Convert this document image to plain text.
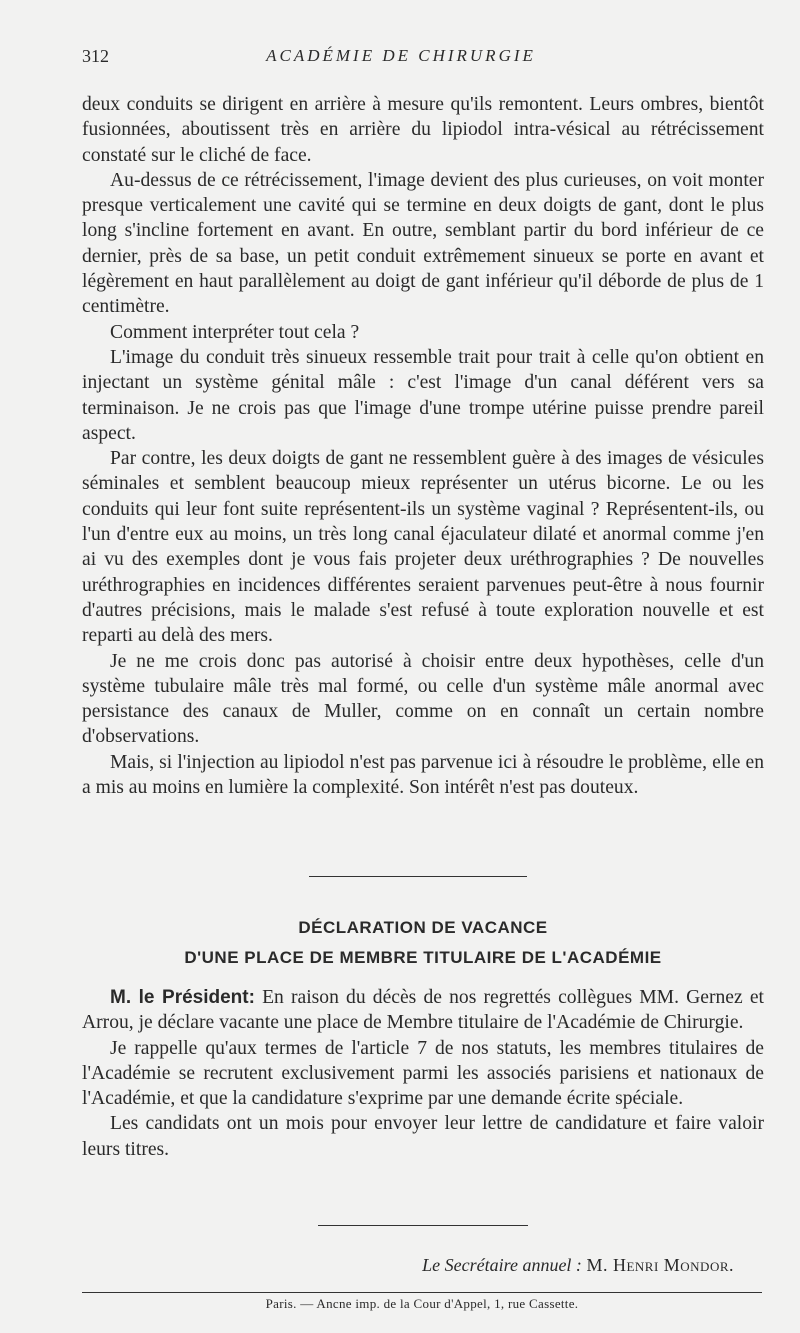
312	ACADÉMIE DE CHIRURGIE

deux conduits se dirigent en arrière à mesure qu'ils remontent. Leurs ombres, bientôt fusionnées, aboutissent très en arrière du lipiodol intra-vésical au rétrécissement constaté sur le cliché de face.

Au-dessus de ce rétrécissement, l'image devient des plus curieuses, on voit monter presque verticalement une cavité qui se termine en deux doigts de gant, dont le plus long s'incline fortement en avant. En outre, semblant partir du bord inférieur de ce dernier, près de sa base, un petit conduit extrêmement sinueux se porte en avant et légèrement en haut parallèlement au doigt de gant inférieur qu'il déborde de plus de 1 centimètre.

Comment interpréter tout cela ?

L'image du conduit très sinueux ressemble trait pour trait à celle qu'on obtient en injectant un système génital mâle : c'est l'image d'un canal déférent vers sa terminaison. Je ne crois pas que l'image d'une trompe utérine puisse prendre pareil aspect.

Par contre, les deux doigts de gant ne ressemblent guère à des images de vésicules séminales et semblent beaucoup mieux représenter un utérus bicorne. Le ou les conduits qui leur font suite représentent-ils un système vaginal ? Représentent-ils, ou l'un d'entre eux au moins, un très long canal éjaculateur dilaté et anormal comme j'en ai vu des exemples dont je vous fais projeter deux uréthrographies ? De nouvelles uréthrographies en incidences différentes seraient parvenues peut-être à nous fournir d'autres précisions, mais le malade s'est refusé à toute exploration nouvelle et est reparti au delà des mers.

Je ne me crois donc pas autorisé à choisir entre deux hypothèses, celle d'un système tubulaire mâle très mal formé, ou celle d'un système mâle anormal avec persistance des canaux de Muller, comme on en connaît un certain nombre d'observations.

Mais, si l'injection au lipiodol n'est pas parvenue ici à résoudre le problème, elle en a mis au moins en lumière la complexité. Son intérêt n'est pas douteux.

DÉCLARATION DE VACANCE
D'UNE PLACE DE MEMBRE TITULAIRE DE L'ACADÉMIE

M. le Président: En raison du décès de nos regrettés collègues MM. Gernez et Arrou, je déclare vacante une place de Membre titulaire de l'Académie de Chirurgie.

Je rappelle qu'aux termes de l'article 7 de nos statuts, les membres titulaires de l'Académie se recrutent exclusivement parmi les associés parisiens et nationaux de l'Académie, et que la candidature s'exprime par une demande écrite spéciale.

Les candidats ont un mois pour envoyer leur lettre de candidature et faire valoir leurs titres.

Le Secrétaire annuel : M. Henri Mondor.
Paris. — Ancne imp. de la Cour d'Appel, 1, rue Cassette.
